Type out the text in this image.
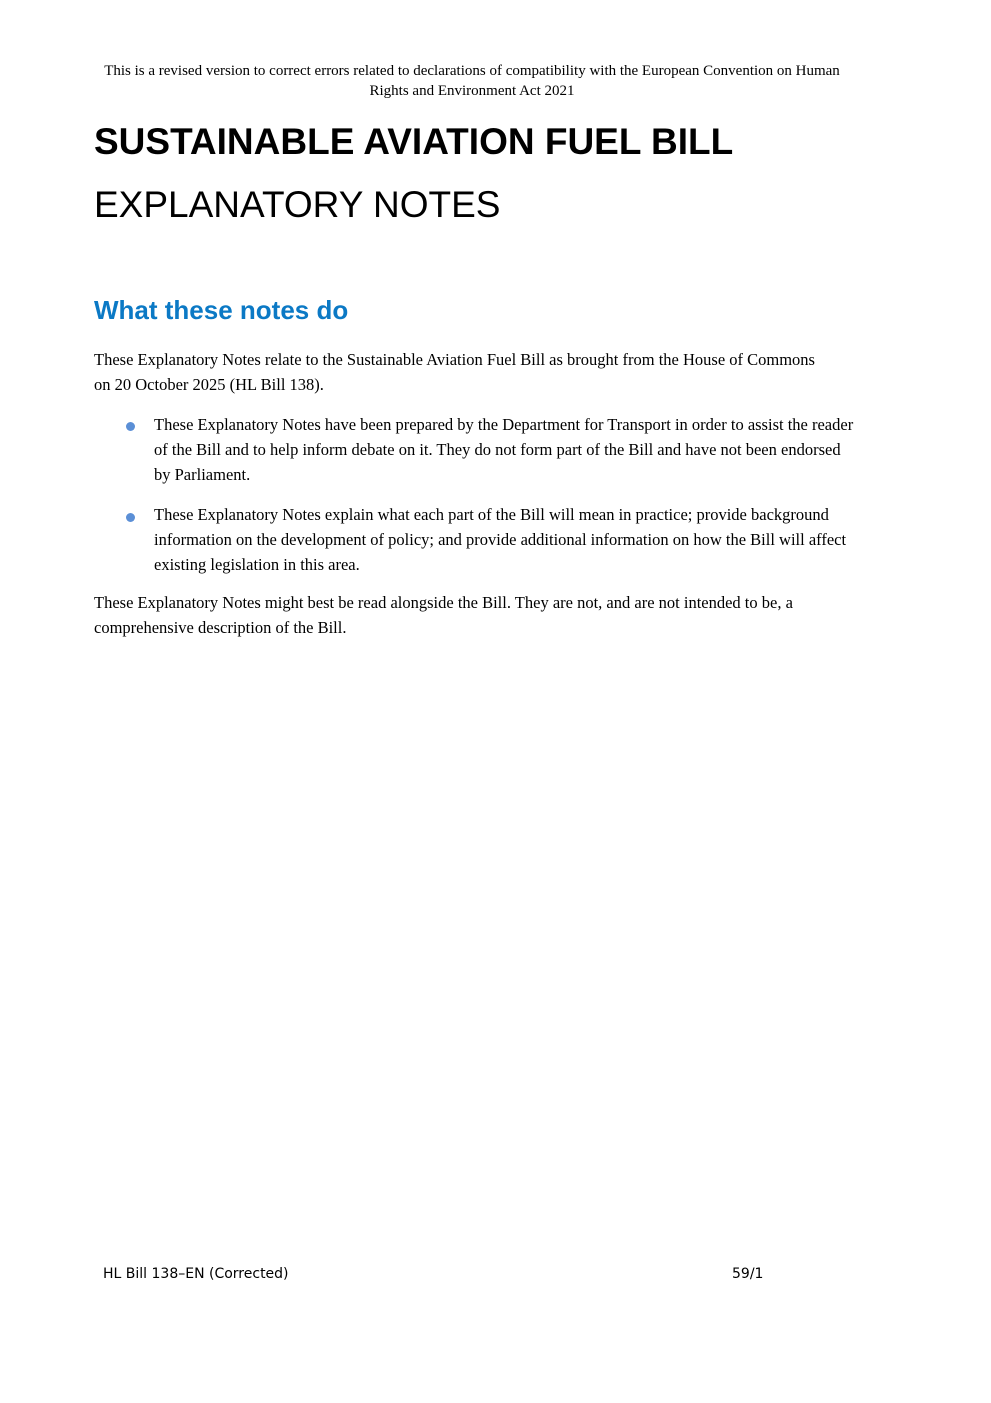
This is a revised version to correct errors related to declarations of compatibility with the European Convention on Human Rights and Environment Act 2021
SUSTAINABLE AVIATION FUEL BILL
EXPLANATORY NOTES
What these notes do

These Explanatory Notes relate to the Sustainable Aviation Fuel Bill as brought from the House of Commons on 20 October 2025 (HL Bill 138).

These Explanatory Notes have been prepared by the Department for Transport in order to assist the reader of the Bill and to help inform debate on it. They do not form part of the Bill and have not been endorsed by Parliament.

These Explanatory Notes explain what each part of the Bill will mean in practice; provide background information on the development of policy; and provide additional information on how the Bill will affect existing legislation in this area.

These Explanatory Notes might best be read alongside the Bill. They are not, and are not intended to be, a comprehensive description of the Bill.

HL Bill 138–EN (Corrected)	59/1
